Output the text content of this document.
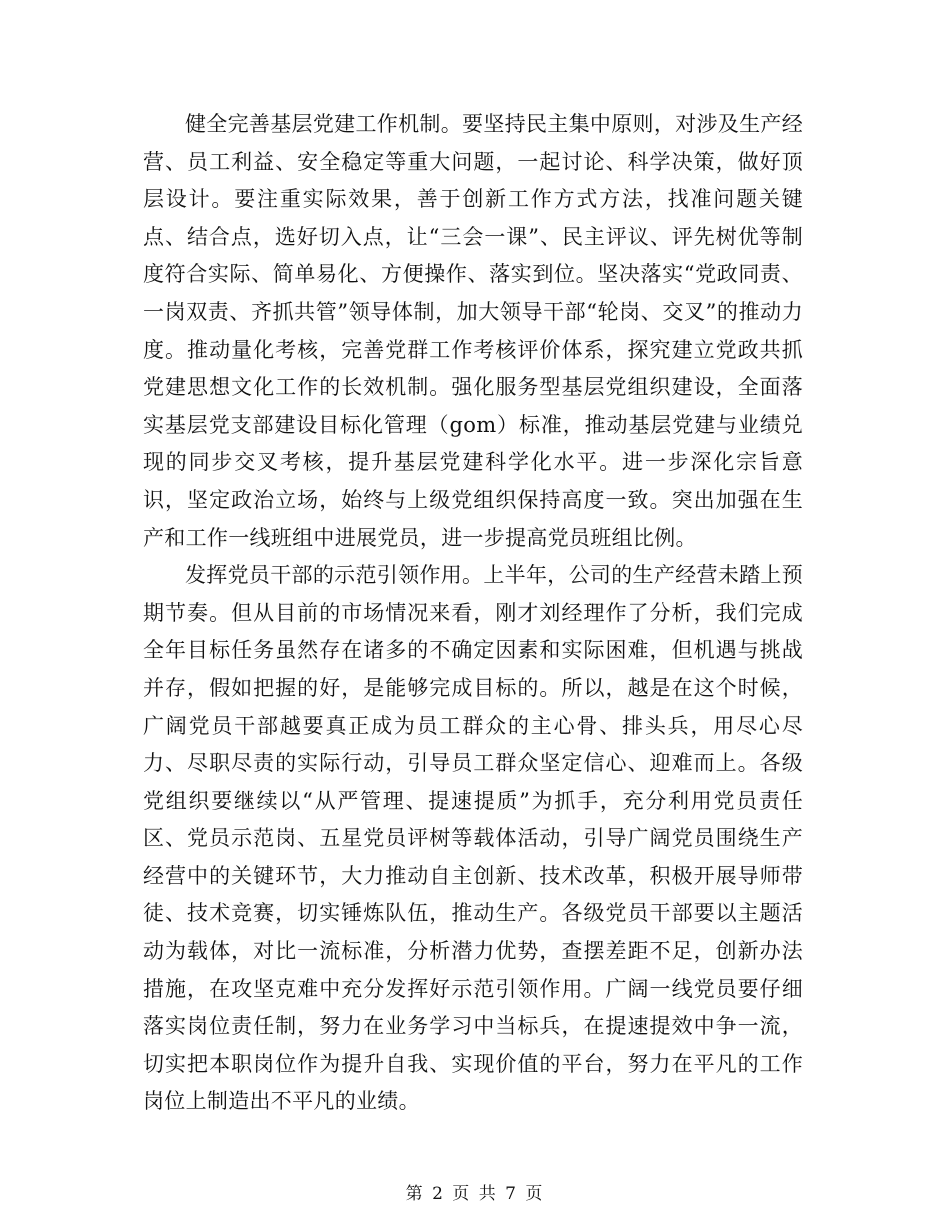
健全完善基层党建工作机制。要坚持民主集中原则，对涉及生产经营、员工利益、安全稳定等重大问题，一起讨论、科学决策，做好顶层设计。要注重实际效果，善于创新工作方式方法，找准问题关键点、结合点，选好切入点，让“三会一课”、民主评议、评先树优等制度符合实际、简单易化、方便操作、落实到位。坚决落实“党政同责、一岗双责、齐抓共管”领导体制，加大领导干部“轮岗、交叉”的推动力度。推动量化考核，完善党群工作考核评价体系，探究建立党政共抓党建思想文化工作的长效机制。强化服务型基层党组织建设，全面落实基层党支部建设目标化管理（gom）标准，推动基层党建与业绩兑现的同步交叉考核，提升基层党建科学化水平。进一步深化宗旨意识，坚定政治立场，始终与上级党组织保持高度一致。突出加强在生产和工作一线班组中进展党员，进一步提高党员班组比例。

发挥党员干部的示范引领作用。上半年，公司的生产经营未踏上预期节奏。但从目前的市场情况来看，刚才刘经理作了分析，我们完成全年目标任务虽然存在诸多的不确定因素和实际困难，但机遇与挑战并存，假如把握的好，是能够完成目标的。所以，越是在这个时候，广阔党员干部越要真正成为员工群众的主心骨、排头兵，用尽心尽力、尽职尽责的实际行动，引导员工群众坚定信心、迎难而上。各级党组织要继续以“从严管理、提速提质”为抓手，充分利用党员责任区、党员示范岗、五星党员评树等载体活动，引导广阔党员围绕生产经营中的关键环节，大力推动自主创新、技术改革，积极开展导师带徒、技术竞赛，切实锤炼队伍，推动生产。各级党员干部要以主题活动为载体，对比一流标准，分析潜力优势，查摆差距不足，创新办法措施，在攻坚克难中充分发挥好示范引领作用。广阔一线党员要仔细落实岗位责任制，努力在业务学习中当标兵，在提速提效中争一流，切实把本职岗位作为提升自我、实现价值的平台，努力在平凡的工作岗位上制造出不平凡的业绩。

第 2 页 共 7 页
